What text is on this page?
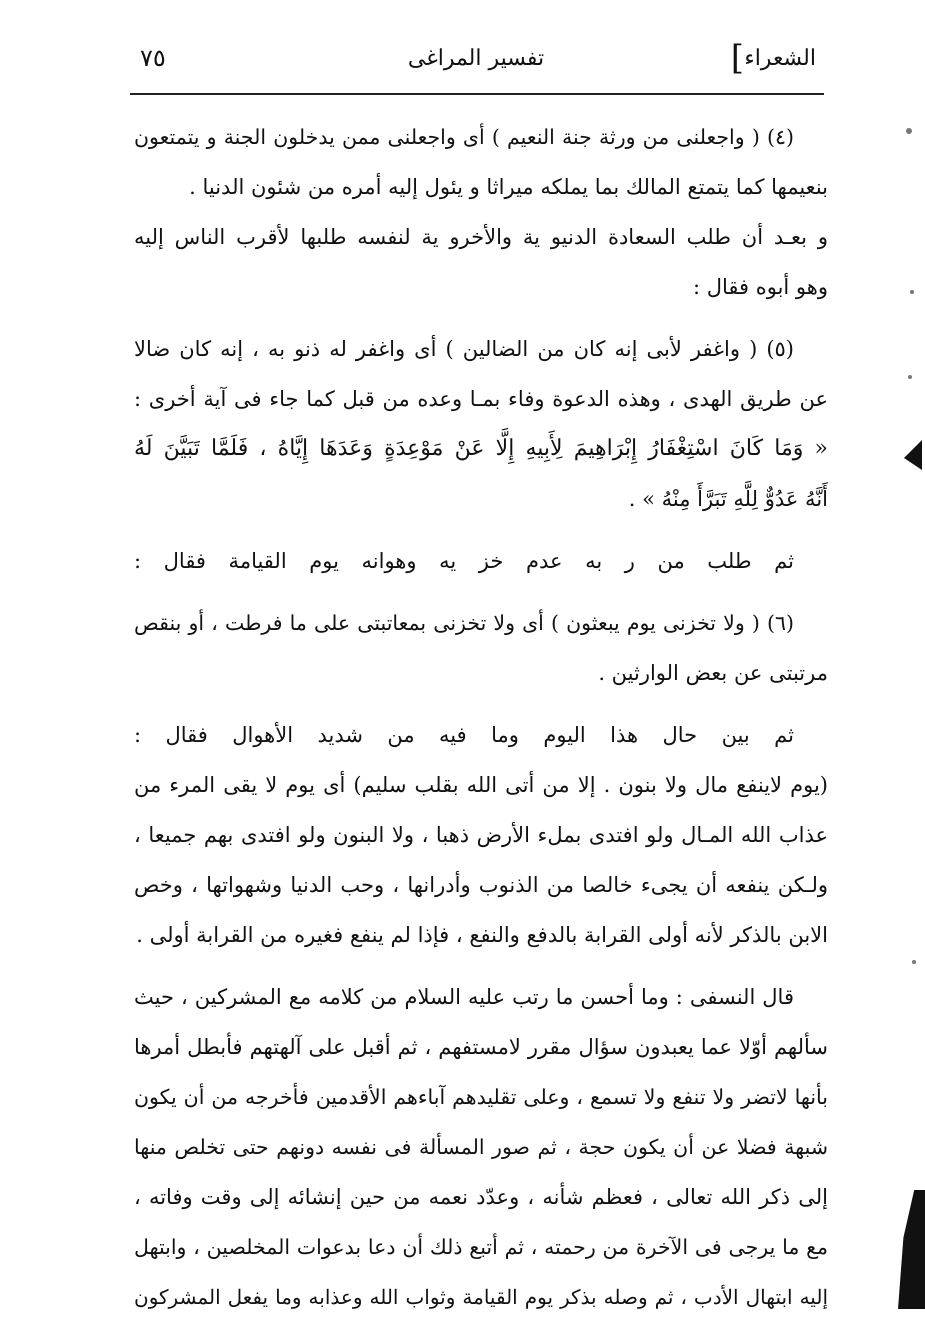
الشعراء
]
تفسير المراغى
٧٥
(٤) ( واجعلنى من ورثة جنة النعيم ) أى واجعلنى ممن يدخلون الجنة و يتمتعون
بنعيمها كما يتمتع المالك بما يملكه ميراثا و يئول إليه أمره من شئون الدنيا .
و بعـد أن طلب السعادة الدنيو ية والأخرو ية لنفسه طلبها لأقرب الناس إليه
وهو أبوه فقال :
(٥) ( واغفر لأبى إنه كان من الضالين ) أى واغفر له ذنو به ، إنه كان ضالا
عن طريق الهدى ، وهذه الدعوة وفاء بمـا وعده من قبل كما جاء فى آية أخرى :
« وَمَا كَانَ اسْتِغْفَارُ إِبْرَاهِيمَ لِأَبِيهِ إِلَّا عَنْ مَوْعِدَةٍ وَعَدَهَا إِيَّاهُ ، فَلَمَّا تَبَيَّنَ لَهُ
أَنَّهُ عَدُوٌّ لِلَّهِ تَبَرَّأَ مِنْهُ » .
ثم طلب من ر به عدم خز يه وهوانه يوم القيامة فقال :
(٦) ( ولا تخزنى يوم يبعثون ) أى ولا تخزنى بمعاتبتى على ما فرطت ، أو بنقص
مرتبتى عن بعض الوارثين .
ثم بين حال هذا اليوم وما فيه من شديد الأهوال فقال :
(يوم لاينفع مال ولا بنون . إلا من أتى الله بقلب سليم) أى يوم لا يقى المرء من
عذاب الله المـال ولو افتدى بملء الأرض ذهبا ، ولا البنون ولو افتدى بهم جميعا ،
ولـكن ينفعه أن يجىء خالصا من الذنوب وأدرانها ، وحب الدنيا وشهواتها ، وخص
الابن بالذكر لأنه أولى القرابة بالدفع والنفع ، فإذا لم ينفع فغيره من القرابة أولى .
قال النسفى : وما أحسن ما رتب عليه السلام من كلامه مع المشركين ، حيث
سألهم أوّلا عما يعبدون سؤال مقرر لامستفهم ، ثم أقبل على آلهتهم فأبطل أمرها
بأنها لاتضر ولا تنفع ولا تسمع ، وعلى تقليدهم آباءهم الأقدمين فأخرجه من أن يكون
شبهة فضلا عن أن يكون حجة ، ثم صور المسألة فى نفسه دونهم حتى تخلص منها
إلى ذكر الله تعالى ، فعظم شأنه ، وعدّد نعمه من حين إنشائه إلى وقت وفاته ،
مع ما يرجى فى الآخرة من رحمته ، ثم أتبع ذلك أن دعا بدعوات المخلصين ، وابتهل
إليه ابتهال الأدب ، ثم وصله بذكر يوم القيامة وثواب الله وعذابه وما يفعل المشركون
